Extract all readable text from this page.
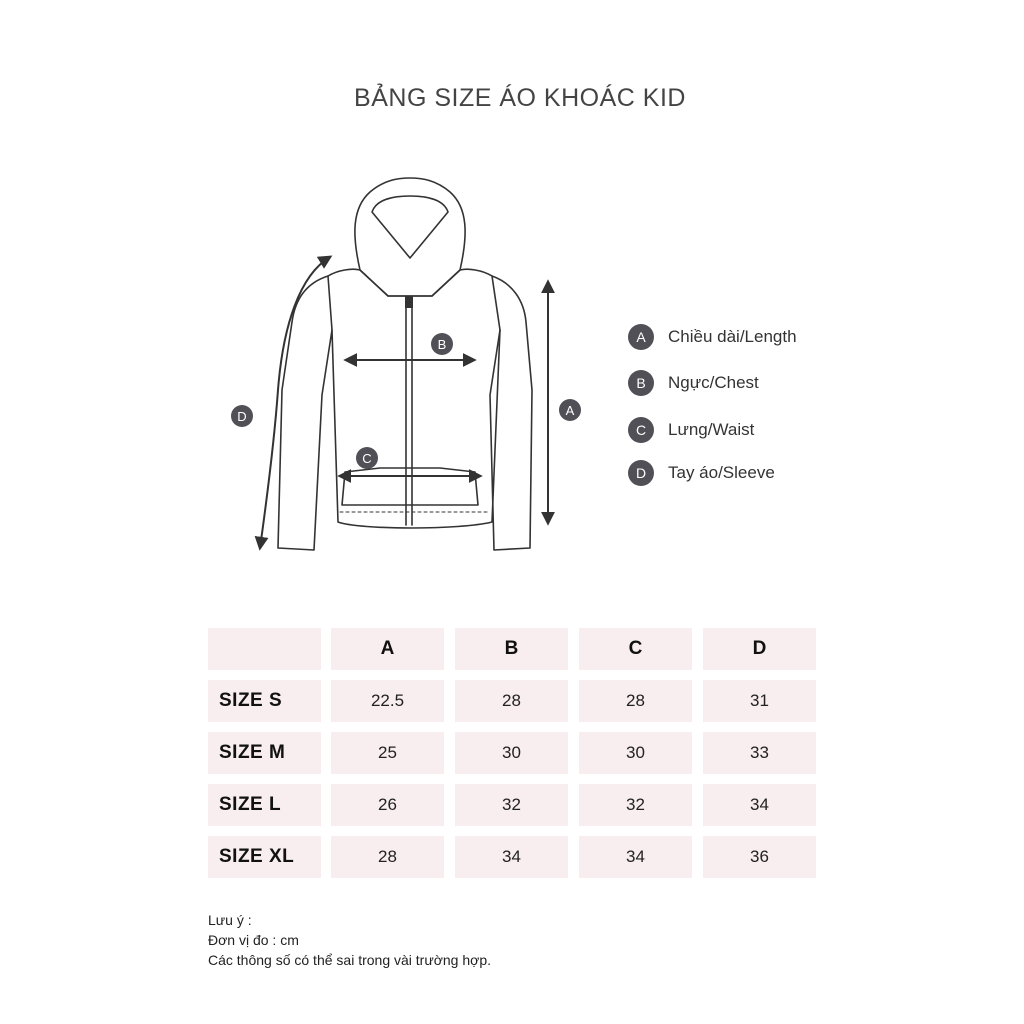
BẢNG SIZE ÁO KHOÁC KID
B
C
A
D
A	Chiều dài/Length
B	Ngực/Chest
C	Lưng/Waist
D	Tay áo/Sleeve
A	B	C	D
SIZE S	22.5	28	28	31
SIZE M	25	30	30	33
SIZE L	26	32	32	34
SIZE XL	28	34	34	36
Lưu ý :
Đơn vị đo : cm
Các thông số có thể sai trong vài trường hợp.
